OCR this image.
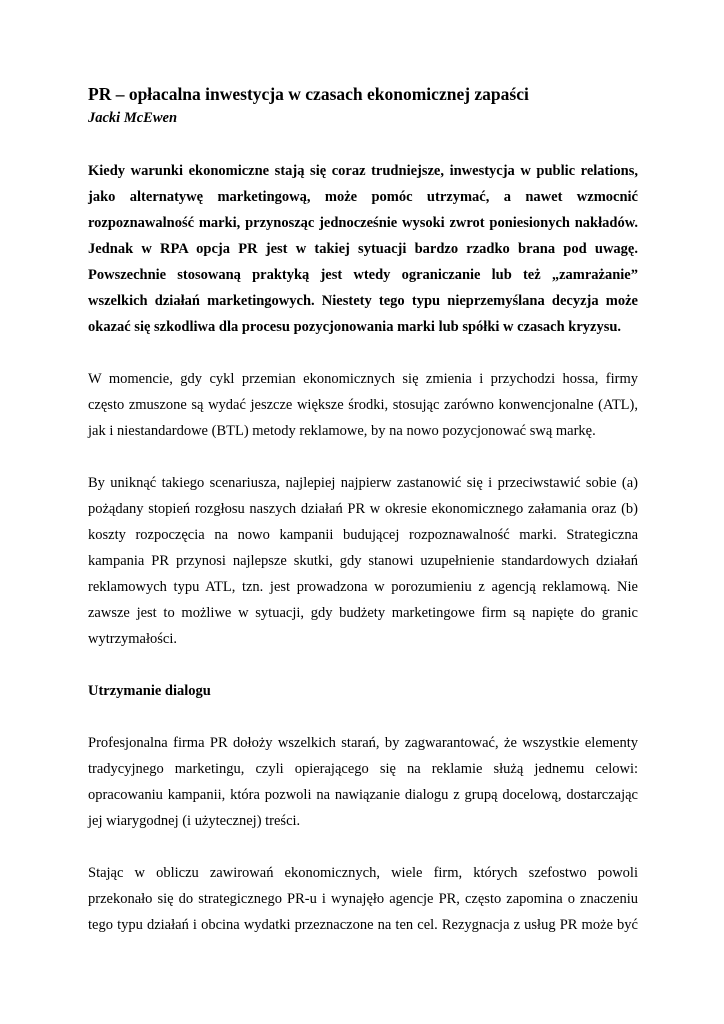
PR – opłacalna inwestycja w czasach ekonomicznej zapaści
Jacki McEwen
Kiedy warunki ekonomiczne stają się coraz trudniejsze, inwestycja w public relations,
jako alternatywę marketingową, może pomóc utrzymać, a nawet wzmocnić
rozpoznawalność marki, przynosząc jednocześnie wysoki zwrot poniesionych nakładów.
Jednak w RPA opcja PR jest w takiej sytuacji bardzo rzadko brana pod uwagę.
Powszechnie stosowaną praktyką jest wtedy ograniczanie lub też „zamrażanie”
wszelkich działań marketingowych. Niestety tego typu nieprzemyślana decyzja może
okazać się szkodliwa dla procesu pozycjonowania marki lub spółki w czasach kryzysu.
W momencie, gdy cykl przemian ekonomicznych się zmienia i przychodzi hossa, firmy
często zmuszone są wydać jeszcze większe środki, stosując zarówno konwencjonalne (ATL),
jak i niestandardowe (BTL) metody reklamowe, by na nowo pozycjonować swą markę.
By uniknąć takiego scenariusza, najlepiej najpierw zastanowić się i przeciwstawić sobie (a)
pożądany stopień rozgłosu naszych działań PR w okresie ekonomicznego załamania oraz (b)
koszty rozpoczęcia na nowo kampanii budującej rozpoznawalność marki. Strategiczna
kampania PR przynosi najlepsze skutki, gdy stanowi uzupełnienie standardowych działań
reklamowych typu ATL, tzn. jest prowadzona w porozumieniu z agencją reklamową. Nie
zawsze jest to możliwe w sytuacji, gdy budżety marketingowe firm są napięte do granic
wytrzymałości.
Utrzymanie dialogu
Profesjonalna firma PR dołoży wszelkich starań, by zagwarantować, że wszystkie elementy
tradycyjnego marketingu, czyli opierającego się na reklamie służą jednemu celowi:
opracowaniu kampanii, która pozwoli na nawiązanie dialogu z grupą docelową, dostarczając
jej wiarygodnej (i użytecznej) treści.
Stając w obliczu zawirowań ekonomicznych, wiele firm, których szefostwo powoli
przekonało się do strategicznego PR-u i wynajęło agencje PR, często zapomina o znaczeniu
tego typu działań i obcina wydatki przeznaczone na ten cel. Rezygnacja z usług PR może być
